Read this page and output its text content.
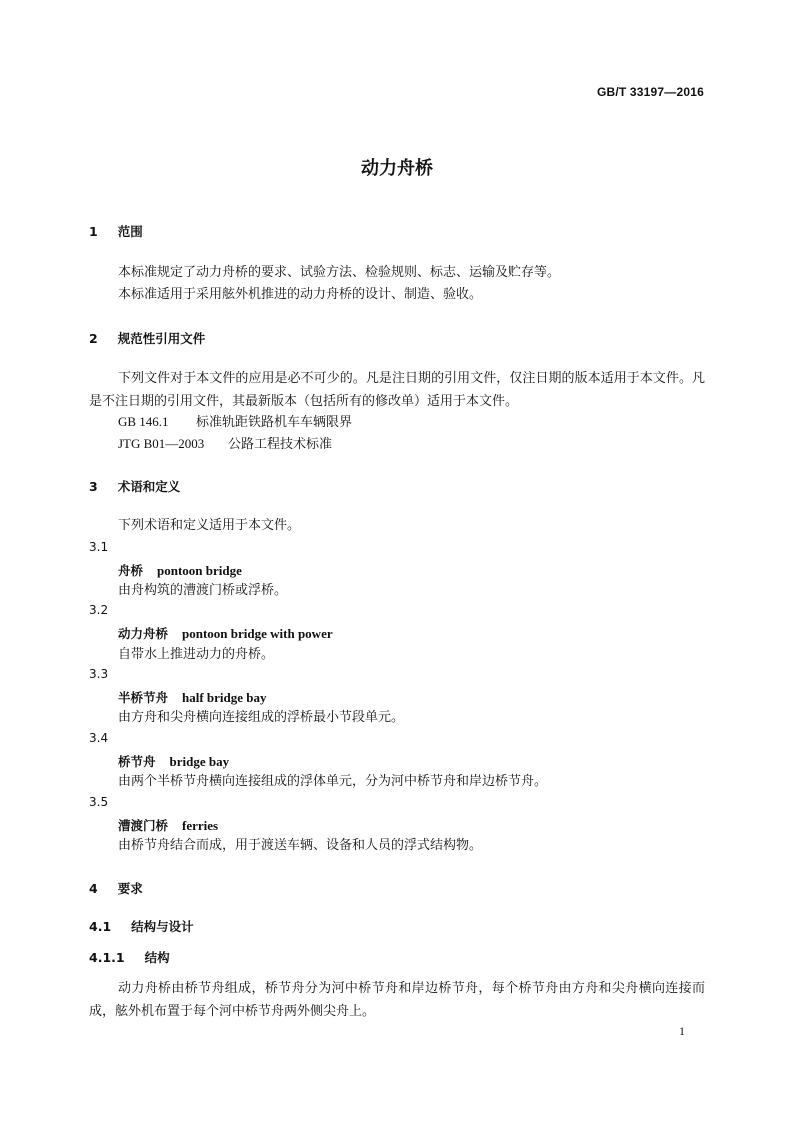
GB/T 33197—2016
动力舟桥
1 范围
本标准规定了动力舟桥的要求、试验方法、检验规则、标志、运输及贮存等。
本标准适用于采用舷外机推进的动力舟桥的设计、制造、验收。
2 规范性引用文件
下列文件对于本文件的应用是必不可少的。凡是注日期的引用文件，仅注日期的版本适用于本文件。凡是不注日期的引用文件，其最新版本（包括所有的修改单）适用于本文件。
GB 146.1 标准轨距铁路机车车辆限界
JTG B01—2003 公路工程技术标准
3 术语和定义
下列术语和定义适用于本文件。
3.1
舟桥 pontoon bridge
由舟构筑的漕渡门桥或浮桥。
3.2
动力舟桥 pontoon bridge with power
自带水上推进动力的舟桥。
3.3
半桥节舟 half bridge bay
由方舟和尖舟横向连接组成的浮桥最小节段单元。
3.4
桥节舟 bridge bay
由两个半桥节舟横向连接组成的浮体单元，分为河中桥节舟和岸边桥节舟。
3.5
漕渡门桥 ferries
由桥节舟结合而成，用于渡送车辆、设备和人员的浮式结构物。
4 要求
4.1 结构与设计
4.1.1 结构
动力舟桥由桥节舟组成，桥节舟分为河中桥节舟和岸边桥节舟，每个桥节舟由方舟和尖舟横向连接而成，舷外机布置于每个河中桥节舟两外侧尖舟上。
1
